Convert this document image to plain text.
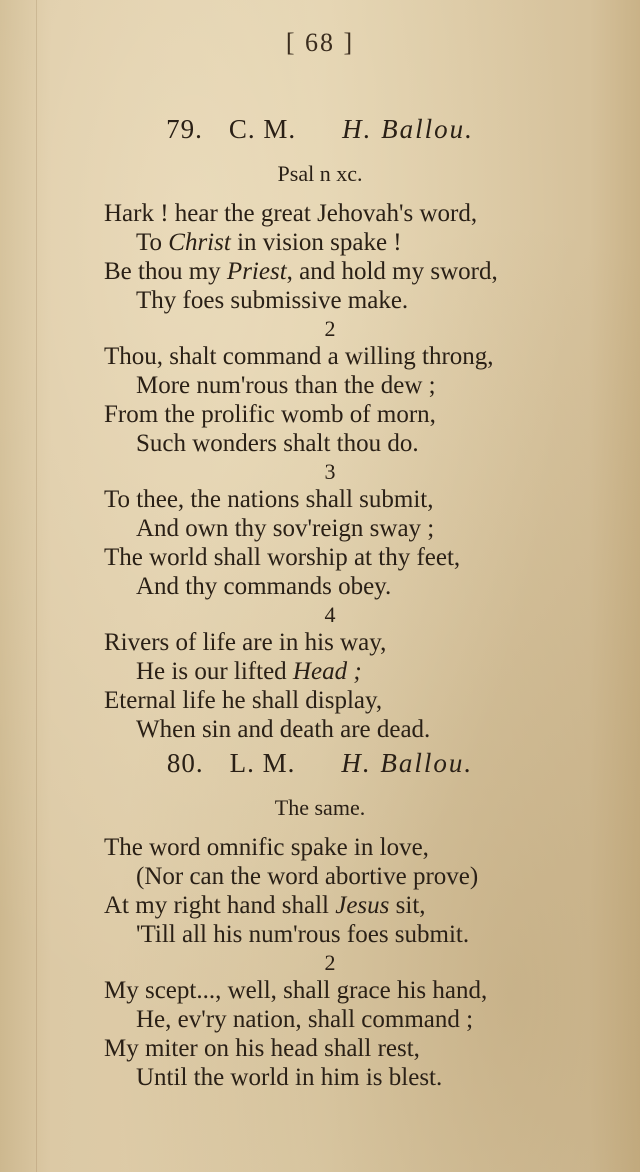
[ 68 ]
79. C. M. H. Ballou.
Psal n xc.
Hark ! hear the great Jehovah's word,
To Christ in vision spake !
Be thou my Priest, and hold my sword,
Thy foes submissive make.
2
Thou, shalt command a willing throng,
More num'rous than the dew ;
From the prolific womb of morn,
Such wonders shalt thou do.
3
To thee, the nations shall submit,
And own thy sov'reign sway ;
The world shall worship at thy feet,
And thy commands obey.
4
Rivers of life are in his way,
He is our lifted Head ;
Eternal life he shall display,
When sin and death are dead.
80. L. M. H. Ballou.
The same.
The word omnific spake in love,
(Nor can the word abortive prove)
At my right hand shall Jesus sit,
'Till all his num'rous foes submit.
2
My scept..., well, shall grace his hand,
He, ev'ry nation, shall command ;
My miter on his head shall rest,
Until the world in him is blest.
